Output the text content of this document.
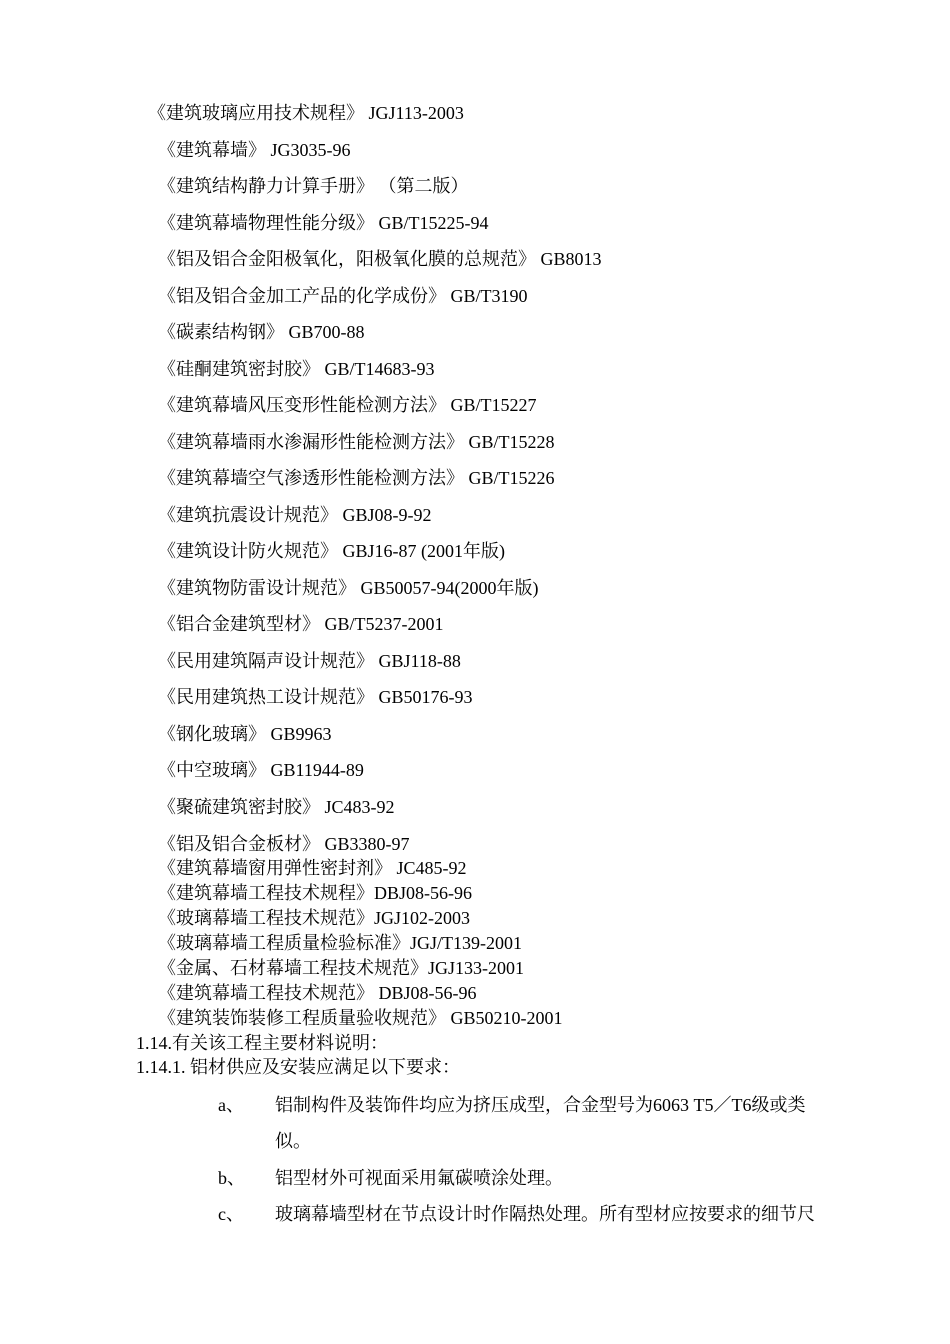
《建筑玻璃应用技术规程》 JGJ113-2003
《建筑幕墙》 JG3035-96
《建筑结构静力计算手册》 （第二版）
《建筑幕墙物理性能分级》 GB/T15225-94
《铝及铝合金阳极氧化，阳极氧化膜的总规范》 GB8013
《铝及铝合金加工产品的化学成份》 GB/T3190
《碳素结构钢》 GB700-88
《硅酮建筑密封胶》 GB/T14683-93
《建筑幕墙风压变形性能检测方法》 GB/T15227
《建筑幕墙雨水渗漏形性能检测方法》 GB/T15228
《建筑幕墙空气渗透形性能检测方法》 GB/T15226
《建筑抗震设计规范》 GBJ08-9-92
《建筑设计防火规范》 GBJ16-87 (2001年版)
《建筑物防雷设计规范》 GB50057-94(2000年版)
《铝合金建筑型材》 GB/T5237-2001
《民用建筑隔声设计规范》 GBJ118-88
《民用建筑热工设计规范》 GB50176-93
《钢化玻璃》 GB9963
《中空玻璃》 GB11944-89
《聚硫建筑密封胶》 JC483-92
《铝及铝合金板材》 GB3380-97
《建筑幕墙窗用弹性密封剂》 JC485-92
《建筑幕墙工程技术规程》DBJ08-56-96
《玻璃幕墙工程技术规范》JGJ102-2003
《玻璃幕墙工程质量检验标准》JGJ/T139-2001
《金属、石材幕墙工程技术规范》JGJ133-2001
《建筑幕墙工程技术规范》 DBJ08-56-96
《建筑装饰装修工程质量验收规范》 GB50210-2001
1.14.有关该工程主要材料说明：
1.14.1. 铝材供应及安装应满足以下要求：
a、 铝制构件及装饰件均应为挤压成型，合金型号为6063 T5／T6级或类
似。
b、 铝型材外可视面采用氟碳喷涂处理。
c、 玻璃幕墙型材在节点设计时作隔热处理。所有型材应按要求的细节尺
